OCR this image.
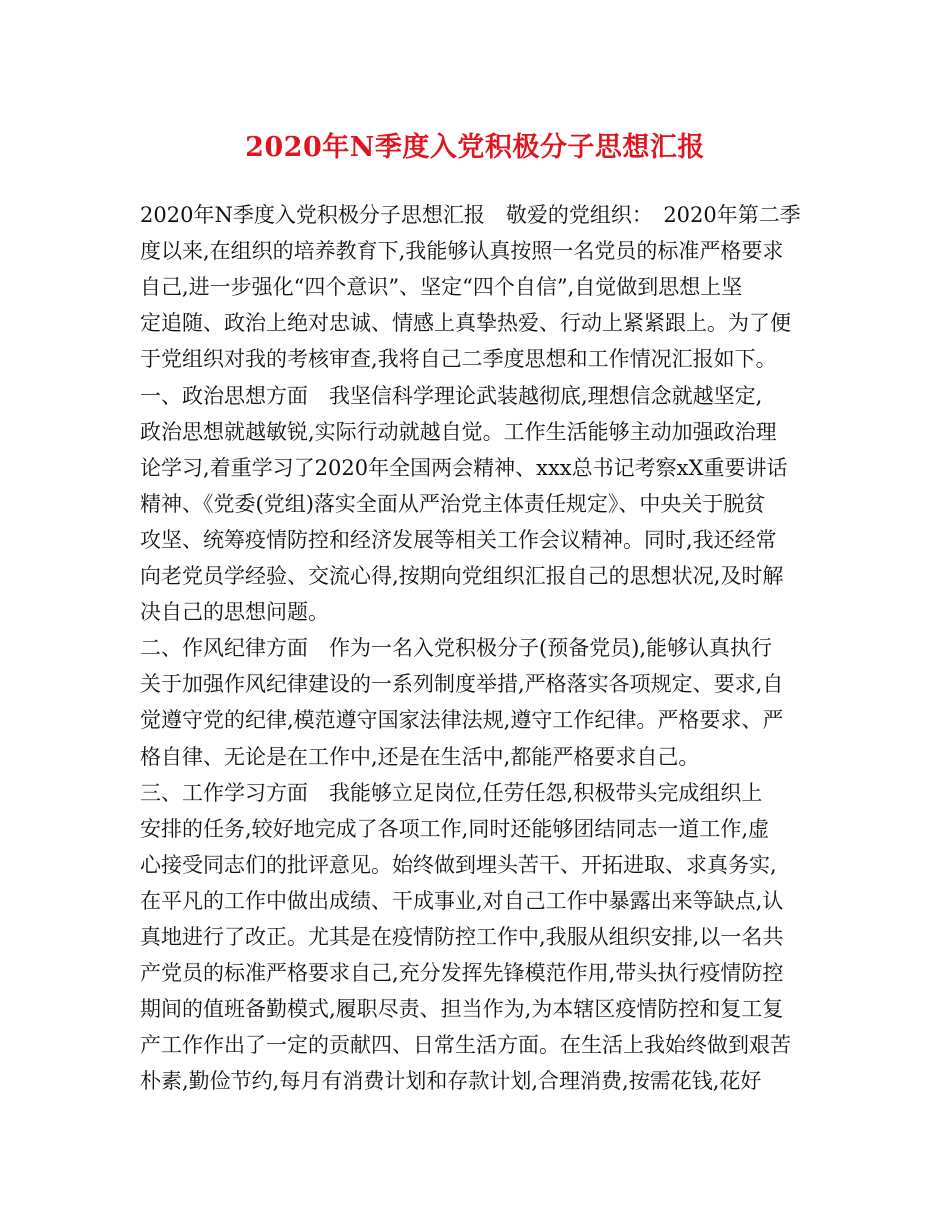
2020年N季度入党积极分子思想汇报
2020年N季度入党积极分子思想汇报　敬爱的党组织：　2020年第二季
度以来,在组织的培养教育下,我能够认真按照一名党员的标准严格要求
自己,进一步强化“四个意识”、坚定“四个自信”,自觉做到思想上坚
定追随、政治上绝对忠诚、情感上真挚热爱、行动上紧紧跟上。为了便
于党组织对我的考核审查,我将自己二季度思想和工作情况汇报如下。
一、政治思想方面　我坚信科学理论武装越彻底,理想信念就越坚定,
政治思想就越敏锐,实际行动就越自觉。工作生活能够主动加强政治理
论学习,着重学习了2020年全国两会精神、xxx总书记考察xX重要讲话
精神、《党委(党组)落实全面从严治党主体责任规定》、中央关于脱贫
攻坚、统筹疫情防控和经济发展等相关工作会议精神。同时,我还经常
向老党员学经验、交流心得,按期向党组织汇报自己的思想状况,及时解
决自己的思想问题。
二、作风纪律方面　作为一名入党积极分子(预备党员),能够认真执行
关于加强作风纪律建设的一系列制度举措,严格落实各项规定、要求,自
觉遵守党的纪律,模范遵守国家法律法规,遵守工作纪律。严格要求、严
格自律、无论是在工作中,还是在生活中,都能严格要求自己。
三、工作学习方面　我能够立足岗位,任劳任怨,积极带头完成组织上
安排的任务,较好地完成了各项工作,同时还能够团结同志一道工作,虚
心接受同志们的批评意见。始终做到埋头苦干、开拓进取、求真务实,
在平凡的工作中做出成绩、干成事业,对自己工作中暴露出来等缺点,认
真地进行了改正。尤其是在疫情防控工作中,我服从组织安排,以一名共
产党员的标准严格要求自己,充分发挥先锋模范作用,带头执行疫情防控
期间的值班备勤模式,履职尽责、担当作为,为本辖区疫情防控和复工复
产工作作出了一定的贡献四、日常生活方面。在生活上我始终做到艰苦
朴素,勤俭节约,每月有消费计划和存款计划,合理消费,按需花钱,花好
